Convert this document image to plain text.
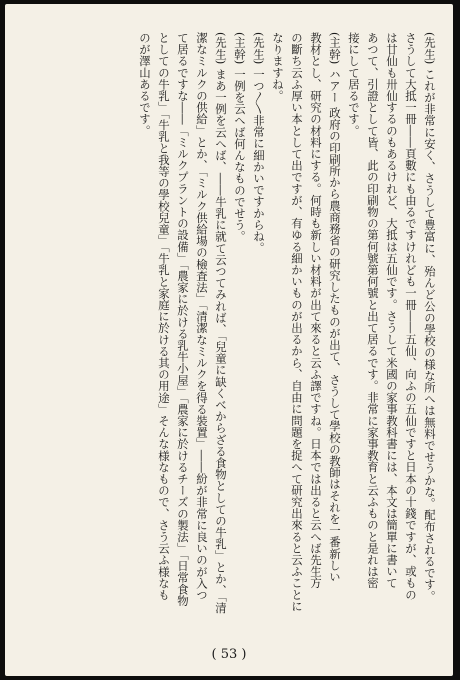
(先生) これが非常に安く、さうして豊富に、殆んど公の學校の様な所へは無料でせうかな。配布されるです。
さうして大抵一冊――頁數にも由るですけれども一冊――五仙、向ふの五仙ですと日本の十錢ですが、或もの
は廿仙も卅仙するのもあるけれど、大抵は五仙です。さうして米國の家事教科書には、本文は簡單に書いて
あつて、引證として皆、此の印刷物の第何號第何號と出て居るです。非常に家事教育と云ふものと是れは密
接にして居るです。
(主幹) ハアー 政府の印刷所から農商務省の研究したものが出て、さうして學校の教師はそれを一番新しい
教材とし、研究の材料にする。何時も新しい材料が出て來ると云ふ譯ですね。日本では出ると云へば先生方
の斷ち云ふ厚い本として出ですが、有ゆる細かいものが出るから、自由に問題を捉へて研究出來ると云ふことに
なりますね。
(先生) 一つ〳〵非常に細かいですからね。
(主幹) 一例を云へば何んなものでせう。
(先生) まあ一例を云へば、――牛乳に就て云つてみれば、「兒童に缺くべからざる食物としての牛乳」とか、「清
潔なミルクの供給」とか、「ミルク供給場の檢査法」「清潔なミルクを得る裝置」――紛が非常に良いのが入つ
て居るですな――「ミルクプラントの設備」「農家に於ける乳牛小屋」「農家に於けるチーズの製法」「日常食物
としての牛乳」「牛乳と我等の學校兒童」「牛乳と家庭に於ける其の用途」そんな様なもので、さう云ふ様なも
のが澤山あるです。
( 53 )
